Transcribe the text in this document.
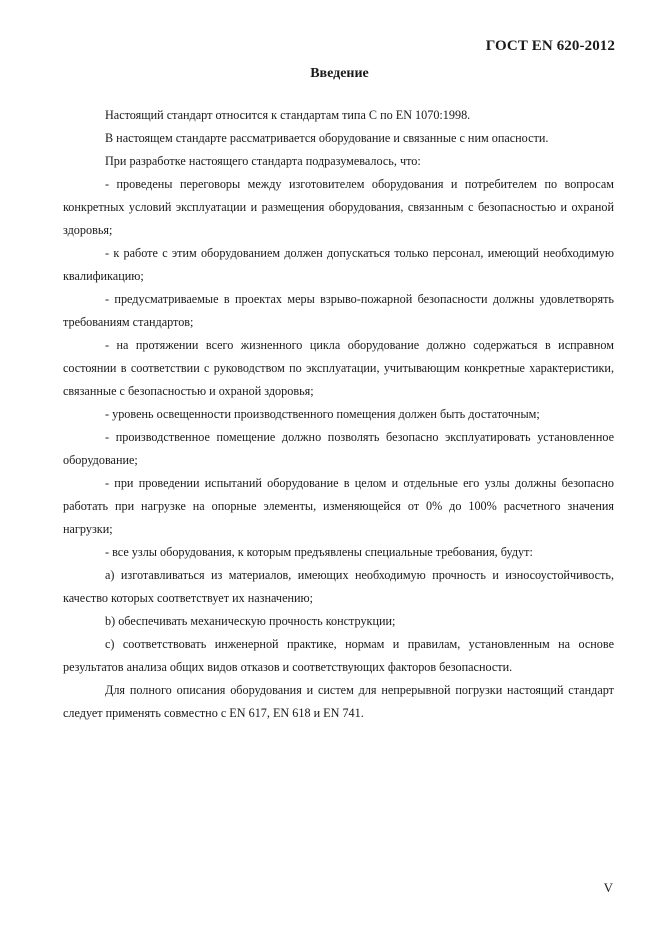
ГОСТ EN 620-2012
Введение

Настоящий стандарт относится к стандартам типа С по EN 1070:1998.

В настоящем стандарте рассматривается оборудование и связанные с ним опасности.

При разработке настоящего стандарта подразумевалось, что:

- проведены переговоры между изготовителем оборудования и потребителем по вопросам конкретных условий эксплуатации и размещения оборудования, связанным с безопасностью и охраной здоровья;

- к работе с этим оборудованием должен допускаться только персонал, имеющий необходимую квалификацию;

- предусматриваемые в проектах меры взрыво-пожарной безопасности должны удовлетворять требованиям стандартов;

- на протяжении всего жизненного цикла оборудование должно содержаться в исправном состоянии в соответствии с руководством по эксплуатации, учитывающим конкретные характеристики, связанные с безопасностью и охраной здоровья;

- уровень освещенности производственного помещения должен быть достаточным;

- производственное помещение должно позволять безопасно эксплуатировать установленное оборудование;

- при проведении испытаний оборудование в целом и отдельные его узлы должны безопасно работать при нагрузке на опорные элементы, изменяющейся от 0% до 100% расчетного значения нагрузки;

- все узлы оборудования, к которым предъявлены специальные требования, будут:

a) изготавливаться из материалов, имеющих необходимую прочность и износоустойчивость, качество которых соответствует их назначению;

b) обеспечивать механическую прочность конструкции;

c) соответствовать инженерной практике, нормам и правилам, установленным на основе результатов анализа общих видов отказов и соответствующих факторов безопасности.

Для полного описания оборудования и систем для непрерывной погрузки настоящий стандарт следует применять совместно с EN 617, EN 618 и EN 741.

V
